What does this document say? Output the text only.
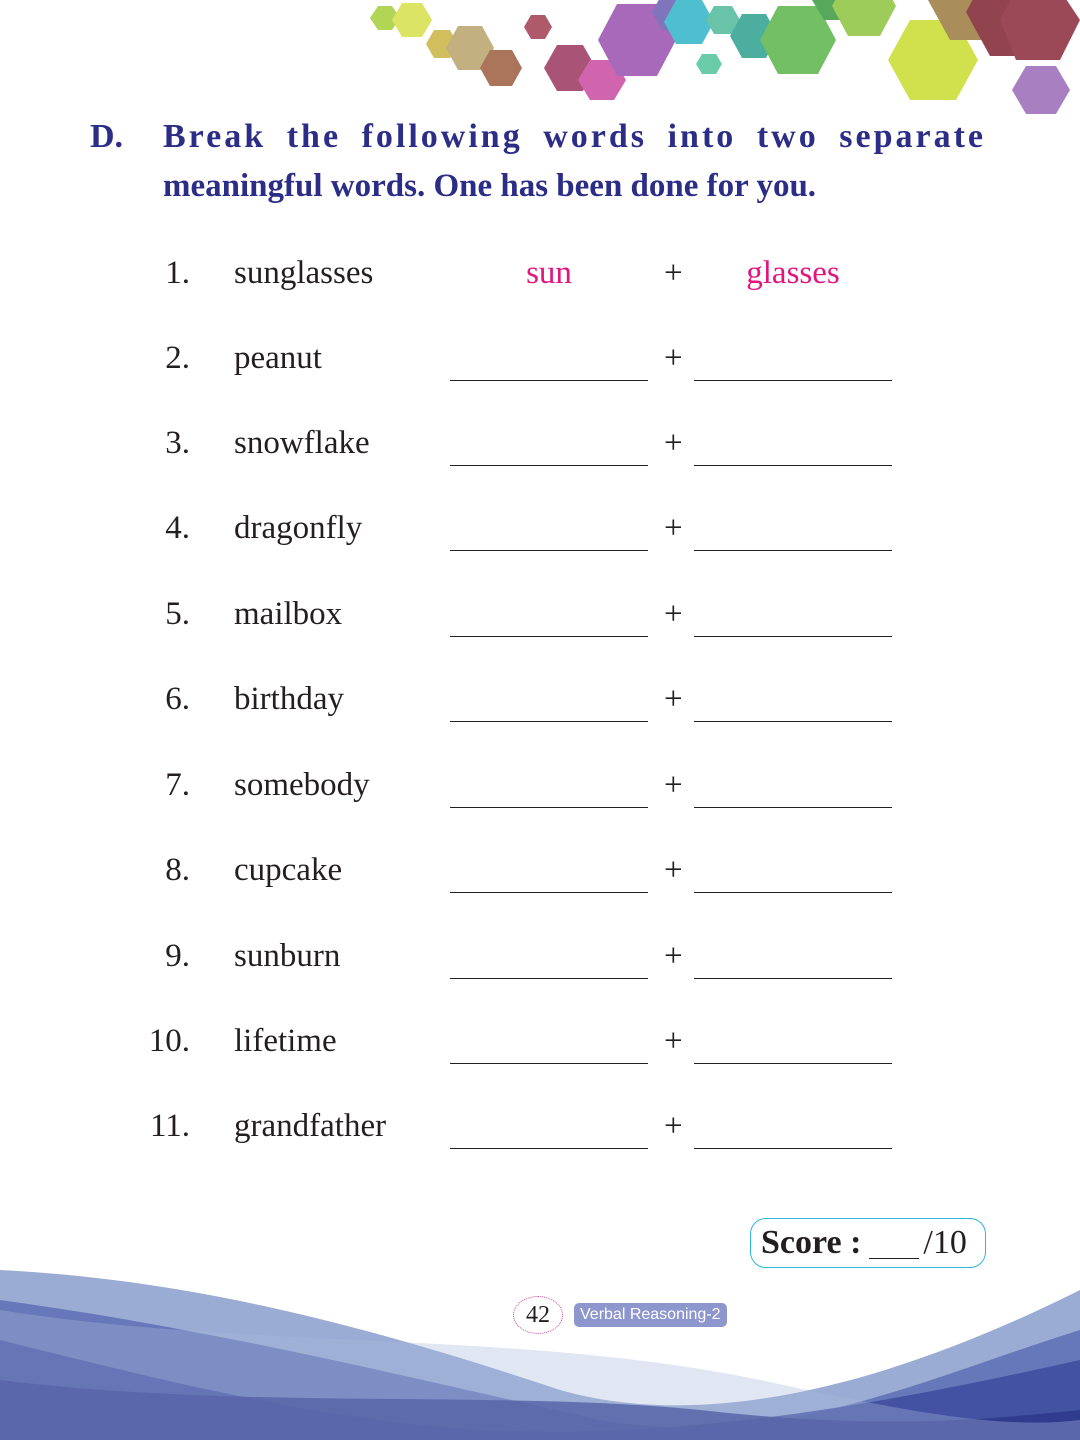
D. Break the following words into two separate
meaningful words. One has been done for you.
1. sunglasses	sun	+	glasses
2. peanut	+
3. snowflake	+
4. dragonfly	+
5. mailbox	+
6. birthday	+
7. somebody	+
8. cupcake	+
9. sunburn	+
10. lifetime	+
11. grandfather	+
Score : /10
42	Verbal Reasoning-2
